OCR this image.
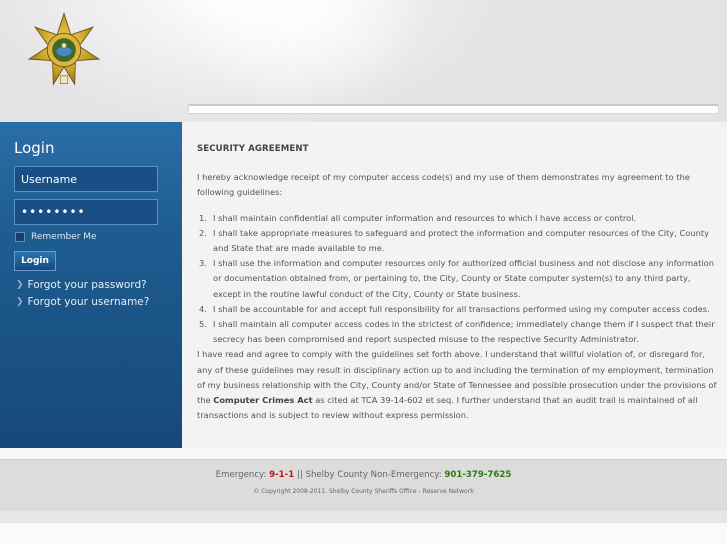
Login
Username
••••••••
Remember Me
Login
❯ Forgot your password?
❯ Forgot your username?
SECURITY AGREEMENT

I hereby acknowledge receipt of my computer access code(s) and my use of them demonstrates my agreement to the following guidelines:

1. I shall maintain confidential all computer information and resources to which I have access or control.
2. I shall take appropriate measures to safeguard and protect the information and computer resources of the City, County and State that are made available to me.
3. I shall use the information and computer resources only for authorized official business and not disclose any information or documentation obtained from, or pertaining to, the City, County or State computer system(s) to any third party, except in the routine lawful conduct of the City, County or State business.
4. I shall be accountable for and accept full responsibility for all transactions performed using my computer access codes.
5. I shall maintain all computer access codes in the strictest of confidence; immediately change them if I suspect that their secrecy has been compromised and report suspected misuse to the respective Security Administrator.

I have read and agree to comply with the guidelines set forth above. I understand that willful violation of, or disregard for, any of these guidelines may result in disciplinary action up to and including the termination of my employment, termination of my business relationship with the City, County and/or State of Tennessee and possible prosecution under the provisions of the Computer Crimes Act as cited at TCA 39-14-602 et seq. I further understand that an audit trail is maintained of all transactions and is subject to review without express permission.

Emergency: 9-1-1 || Shelby County Non-Emergency: 901-379-7625
© Copyright 2008-2011. Shelby County Sheriffs Office - Reserve Network
